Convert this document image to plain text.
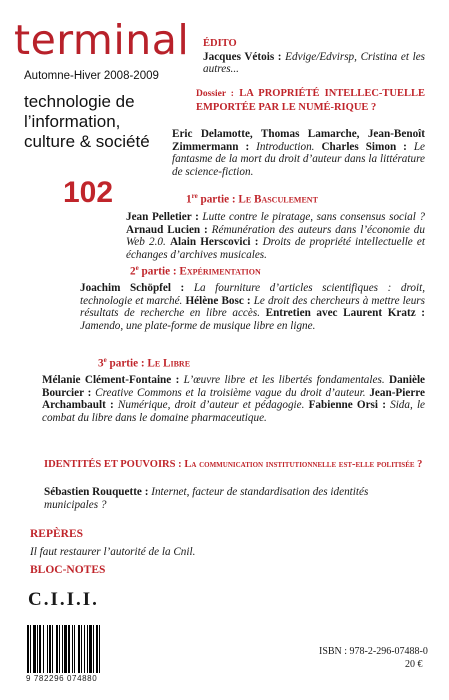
terminal
Automne-Hiver 2008-2009
technologie de
l’information,
culture & société
102
ÉDITO
Jacques Vétois : Edvige/Edvirsp, Cristina et les autres...
Dossier : LA PROPRIÉTÉ INTELLEC-TUELLE EMPORTÉE PAR LE NUMÉ-RIQUE ?
Eric Delamotte, Thomas Lamarche, Jean-Benoît Zimmermann : Introduction. Charles Simon : Le fantasme de la mort du droit d’auteur dans la littérature de science-fiction.
1re partie : Le Basculement
Jean Pelletier : Lutte contre le piratage, sans consensus social ? Arnaud Lucien : Rémunération des auteurs dans l’économie du Web 2.0. Alain Herscovici : Droits de propriété intellectuelle et échanges d’archives musicales.
2e partie : Expérimentation
Joachim Schöpfel : La fourniture d’articles scientifiques : droit, technologie et marché. Hélène Bosc : Le droit des chercheurs à mettre leurs résultats de recherche en libre accès. Entretien avec Laurent Kratz : Jamendo, une plate-forme de musique libre en ligne.
3e partie : Le Libre
Mélanie Clément-Fontaine : L’œuvre libre et les libertés fondamentales. Danièle Bourcier : Creative Commons et la troisième vague du droit d’auteur. Jean-Pierre Archambault : Numérique, droit d’auteur et pédagogie. Fabienne Orsi : Sida, le combat du libre dans le domaine pharmaceutique.
IDENTITÉS ET POUVOIRS : La communication institutionnelle est-elle politisée ?
Sébastien Rouquette : Internet, facteur de standardisation des identités municipales ?
REPÈRES
Il faut restaurer l’autorité de la Cnil.
BLOC-NOTES
C.I.I.I.
9 782296 074880
ISBN : 978-2-296-07488-0
20 €
